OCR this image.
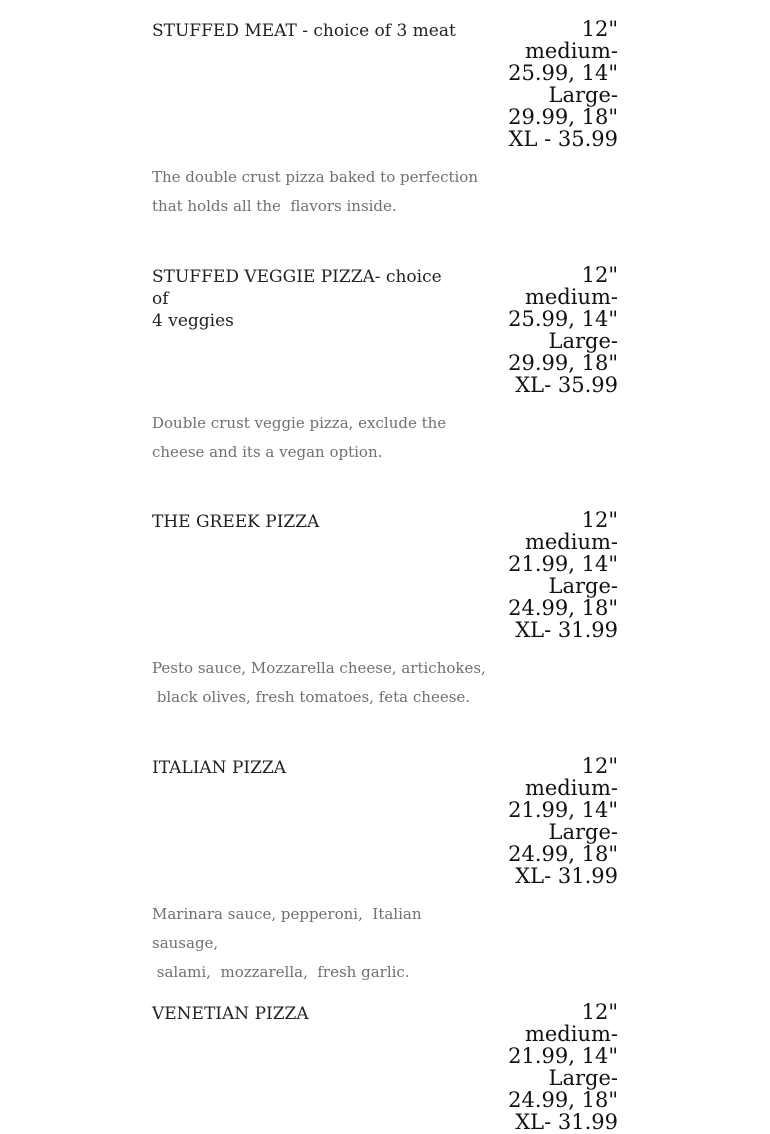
STUFFED MEAT - choice of 3 meat	12"
medium-
25.99, 14"
Large-
29.99, 18"
XL - 35.99
The double crust pizza baked to perfection
that holds all the  flavors inside.
STUFFED VEGGIE PIZZA- choice of
4 veggies
12"
medium-
25.99, 14"
Large-
29.99, 18"
XL- 35.99
Double crust veggie pizza, exclude the
cheese and its a vegan option.
THE GREEK PIZZA	12"
medium-
21.99, 14"
Large-
24.99, 18"
XL- 31.99
Pesto sauce, Mozzarella cheese, artichokes,
black olives, fresh tomatoes, feta cheese.
ITALIAN PIZZA	12"
medium-
21.99, 14"
Large-
24.99, 18"
XL- 31.99
Marinara sauce, pepperoni,  Italian sausage,
salami,  mozzarella,  fresh garlic.
VENETIAN PIZZA	12"
medium-
21.99, 14"
Large-
24.99, 18"
XL- 31.99
